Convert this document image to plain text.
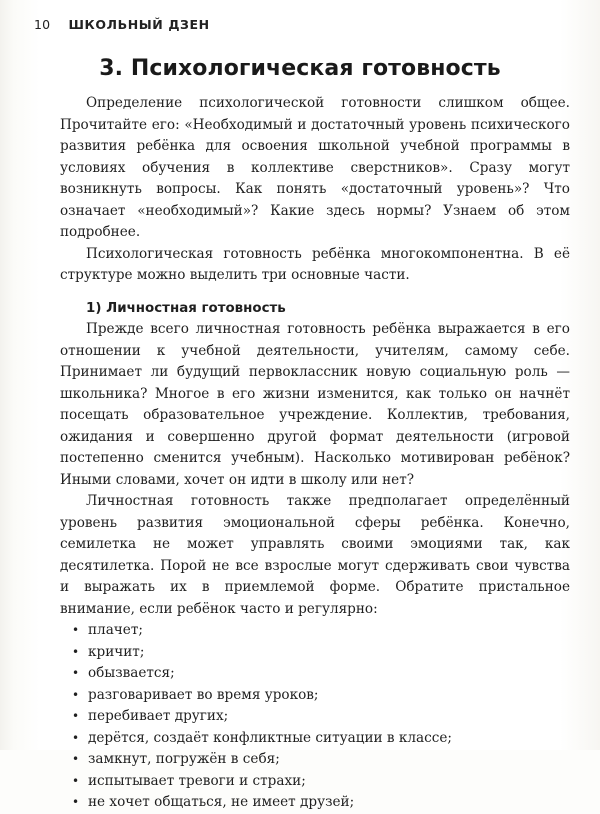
10 ШКОЛЬНЫЙ ДЗЕН
3. Психологическая готовность

Определение психологической готовности слишком общее. Прочитайте его: «Необходимый и достаточный уровень психического развития ребёнка для освоения школьной учебной программы в условиях обучения в коллективе сверстников». Сразу могут возникнуть вопросы. Как понять «достаточный уровень»? Что означает «необходимый»? Какие здесь нормы? Узнаем об этом подробнее.

Психологическая готовность ребёнка многокомпонентна. В её структуре можно выделить три основные части.

1) Личностная готовность

Прежде всего личностная готовность ребёнка выражается в его отношении к учебной деятельности, учителям, самому себе. Принимает ли будущий первоклассник новую социальную роль — школьника? Многое в его жизни изменится, как только он начнёт посещать образовательное учреждение. Коллектив, требования, ожидания и совершенно другой формат деятельности (игровой постепенно сменится учебным). Насколько мотивирован ребёнок? Иными словами, хочет он идти в школу или нет?

Личностная готовность также предполагает определённый уровень развития эмоциональной сферы ребёнка. Конечно, семилетка не может управлять своими эмоциями так, как десятилетка. Порой не все взрослые могут сдерживать свои чувства и выражать их в приемлемой форме. Обратите пристальное внимание, если ребёнок часто и регулярно:

• плачет;
• кричит;
• обызвается;
• разговаривает во время уроков;
• перебивает других;
• дерётся, создаёт конфликтные ситуации в классе;
• замкнут, погружён в себя;
• испытывает тревоги и страхи;
• не хочет общаться, не имеет друзей;
